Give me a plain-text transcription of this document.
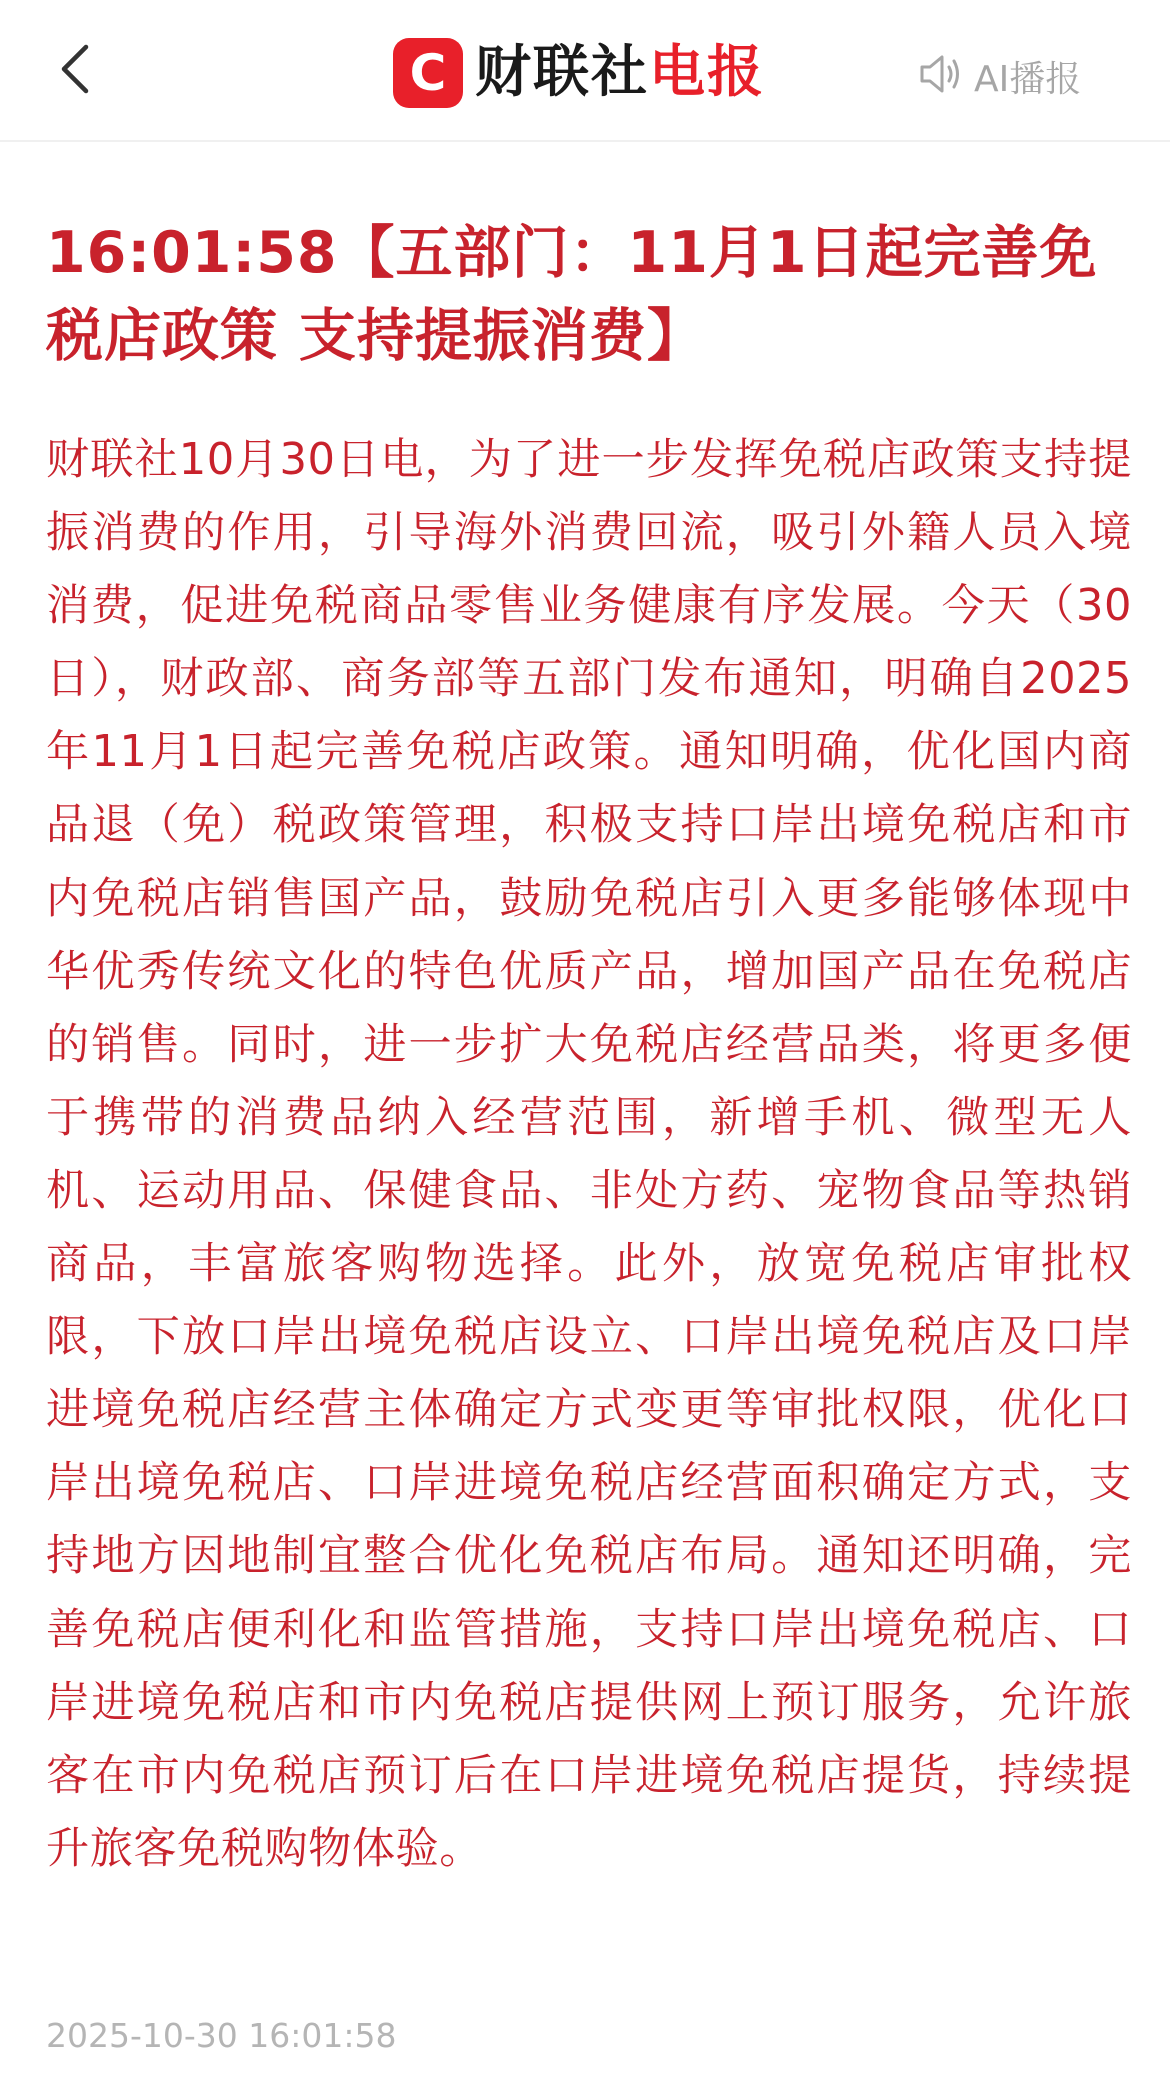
C 财联社电报	AI播报
16:01:58【五部门：11月1日起完善免税店政策 支持提振消费】

财联社10月30日电，为了进一步发挥免税店政策支持提振消费的作用，引导海外消费回流，吸引外籍人员入境消费，促进免税商品零售业务健康有序发展。今天（30日），财政部、商务部等五部门发布通知，明确自2025年11月1日起完善免税店政策。通知明确，优化国内商品退（免）税政策管理，积极支持口岸出境免税店和市内免税店销售国产品，鼓励免税店引入更多能够体现中华优秀传统文化的特色优质产品，增加国产品在免税店的销售。同时，进一步扩大免税店经营品类，将更多便于携带的消费品纳入经营范围，新增手机、微型无人机、运动用品、保健食品、非处方药、宠物食品等热销商品，丰富旅客购物选择。此外，放宽免税店审批权限，下放口岸出境免税店设立、口岸出境免税店及口岸进境免税店经营主体确定方式变更等审批权限，优化口岸出境免税店、口岸进境免税店经营面积确定方式，支持地方因地制宜整合优化免税店布局。通知还明确，完善免税店便利化和监管措施，支持口岸出境免税店、口岸进境免税店和市内免税店提供网上预订服务，允许旅客在市内免税店预订后在口岸进境免税店提货，持续提升旅客免税购物体验。

2025-10-30 16:01:58
